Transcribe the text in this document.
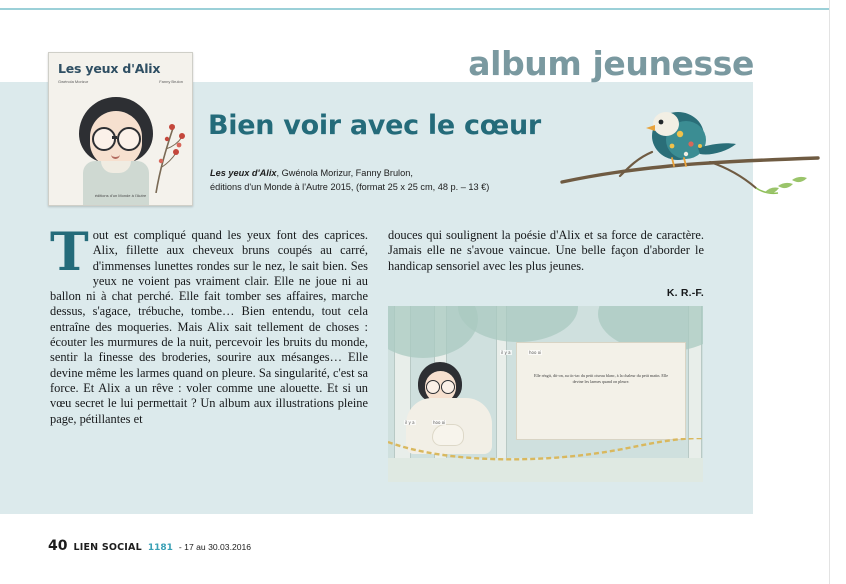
album jeunesse
Les yeux d'Alix
Gwénola Morizur	Fanny Brulon
éditions d'un Monde à l'Autre
Bien voir avec le cœur
Les yeux d'Alix, Gwénola Morizur, Fanny Brulon,
éditions d'un Monde à l'Autre 2015, (format 25 x 25 cm, 48 p. – 13 €)
Tout est compliqué quand les yeux font des caprices. Alix, fillette aux cheveux bruns coupés au carré, d'immenses lunettes rondes sur le nez, le sait bien. Ses yeux ne voient pas vraiment clair. Elle ne joue ni au ballon ni à chat perché. Elle fait tomber ses affaires, marche dessus, s'agace, trébuche, tombe… Bien entendu, tout cela entraîne des moqueries. Mais Alix sait tellement de choses : écouter les murmures de la nuit, percevoir les bruits du monde, sentir la finesse des broderies, sourire aux mésanges… Elle devine même les larmes quand on pleure. Sa singularité, c'est sa force. Et Alix a un rêve : voler comme une alouette. Et si un vœu secret le lui permettait ? Un album aux illustrations pleine page, pétillantes et
douces qui soulignent la poésie d'Alix et sa force de caractère. Jamais elle ne s'avoue vaincue. Une belle façon d'aborder le handicap sensoriel avec les plus jeunes.
K. R.-F.
Elle réagit, dit-on, au tic-tac du petit oiseau blanc, à la chaleur du petit matin. Elle devine les larmes quand on pleure.
il y a	hoo oi
il y a	hoo oi
40 LIEN SOCIAL 1181 - 17 au 30.03.2016
